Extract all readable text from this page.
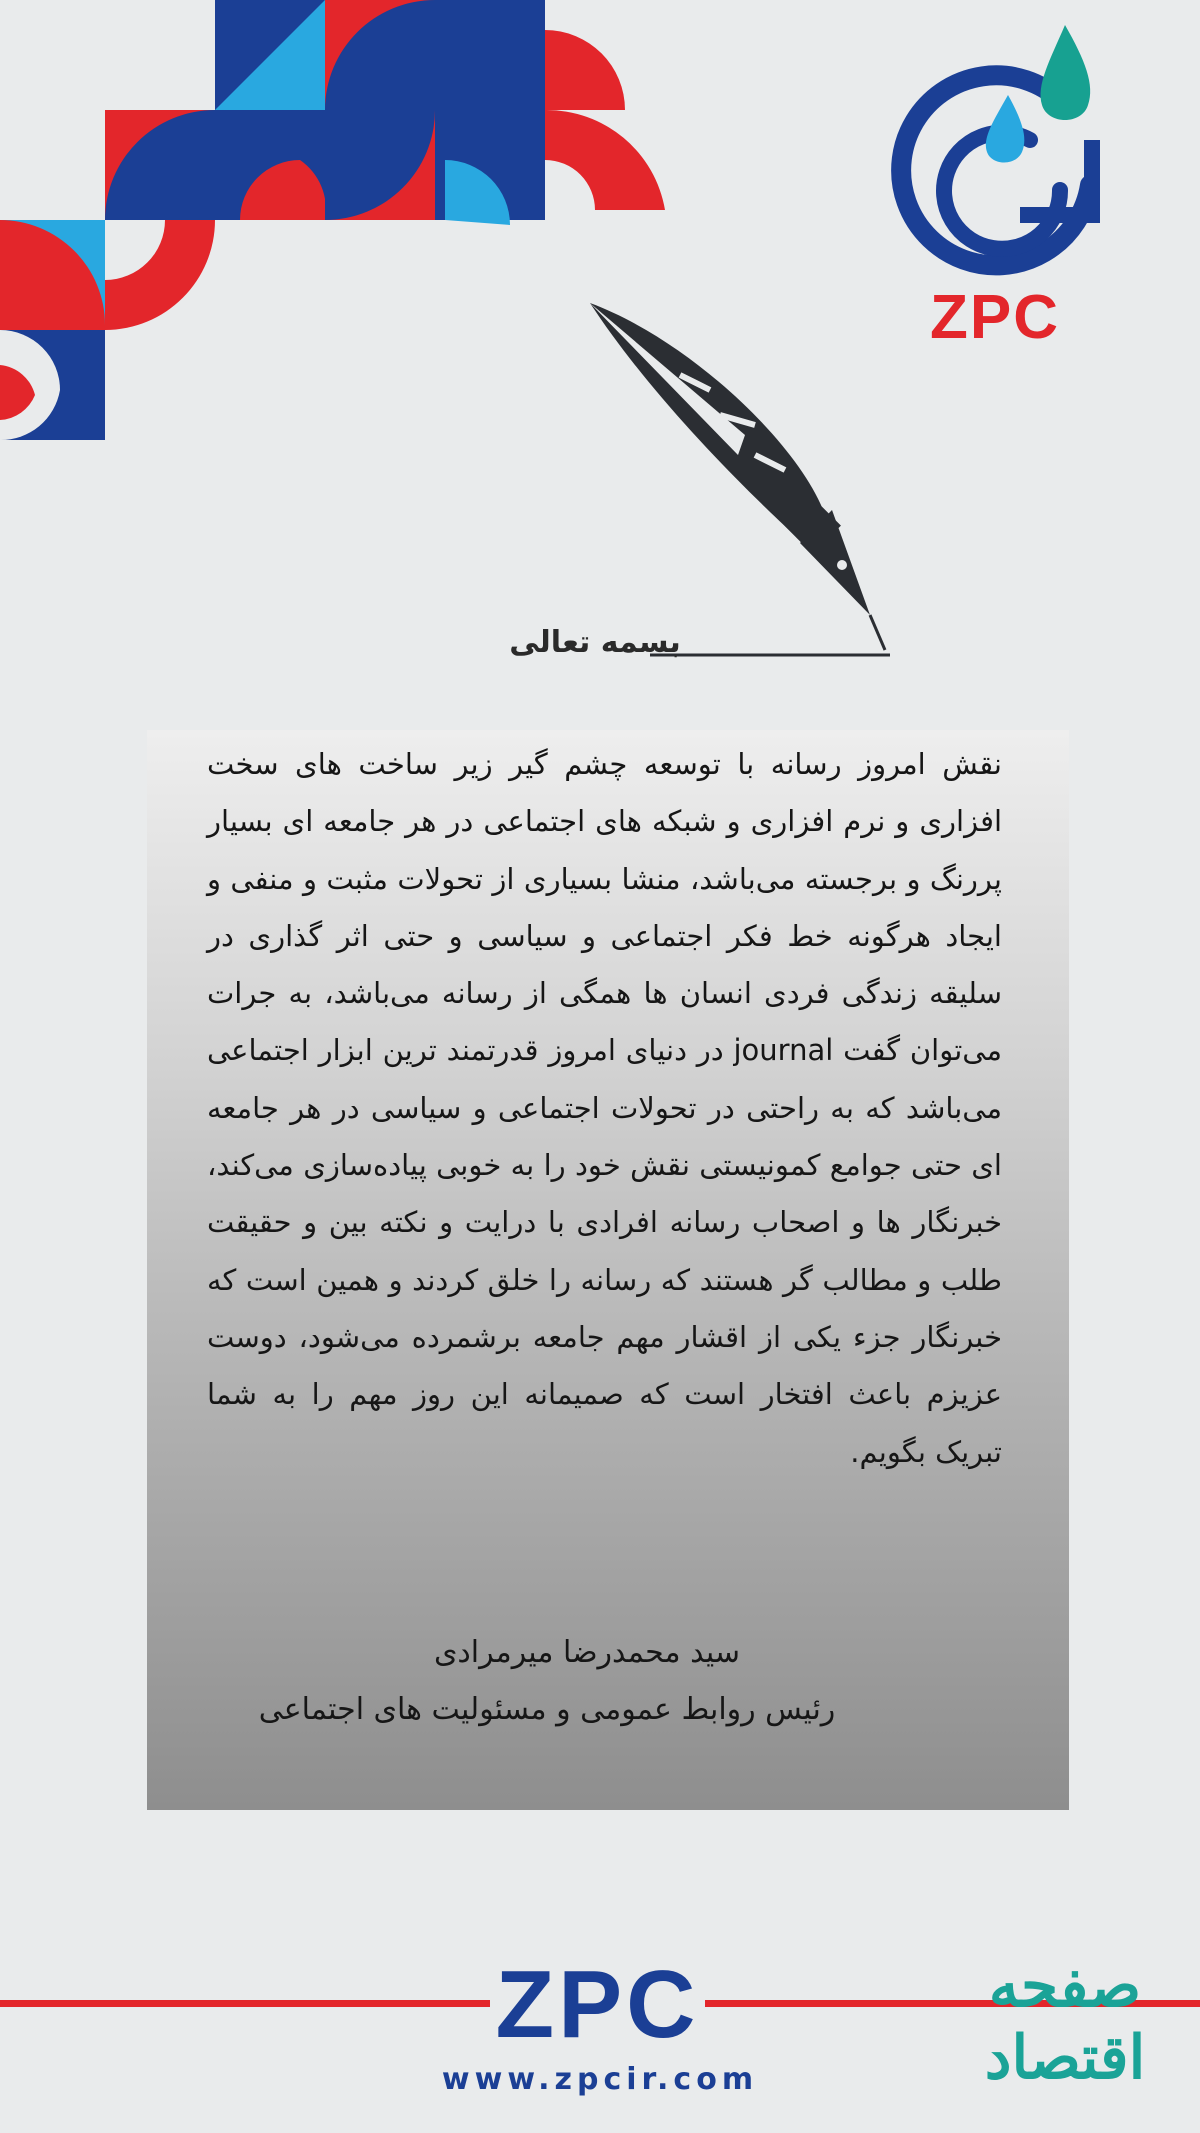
ZPC
بسمه تعالی
نقش امروز رسانه با توسعه چشم گیر زیر ساخت های سخت افزاری و نرم افزاری و شبکه های اجتماعی در هر جامعه ای بسیار پررنگ و برجسته می‌باشد، منشا بسیاری از تحولات مثبت و منفی و ایجاد هرگونه خط فکر اجتماعی و سیاسی و حتی اثر گذاری در سلیقه زندگی فردی انسان ها همگی از رسانه می‌باشد، به جرات می‌توان گفت journal در دنیای امروز قدرتمند ترین ابزار اجتماعی می‌باشد که به راحتی در تحولات اجتماعی و سیاسی در هر جامعه ای حتی جوامع کمونیستی نقش خود را به خوبی پیاده‌سازی می‌کند، خبرنگار ها و اصحاب رسانه افرادی با درایت و نکته بین و حقیقت طلب و مطالب گر هستند که رسانه را خلق کردند و همین است که خبرنگار جزء یکی از اقشار مهم جامعه برشمرده می‌شود، دوست عزیزم باعث افتخار است که صمیمانه این روز مهم را به شما تبریک بگویم.
سید محمدرضا میرمرادی
رئیس روابط عمومی و مسئولیت های اجتماعی
ZPC
www.zpcir.com
صفحه اقتصاد
